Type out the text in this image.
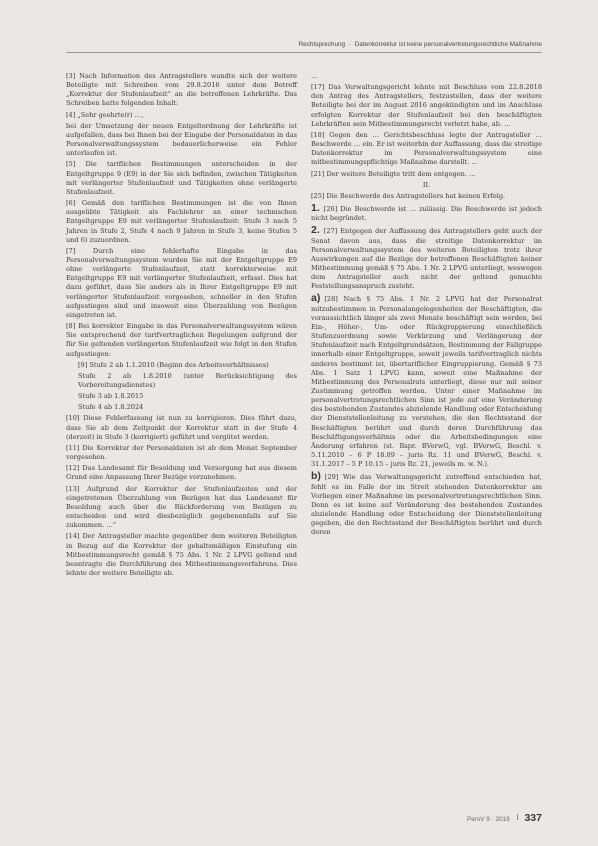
Rechtsprechung · Datenkorrektur ist keine personalvertretungsrechtliche Maßnahme

[3] Nach Information des Antragstellers wandte sich der weitere Beteiligte mit Schreiben vom 29.8.2016 unter dem Betreff „Korrektur der Stufenlaufzeit“ an die betroffenen Lehrkräfte. Das Schreiben hatte folgenden Inhalt:

[4] „Sehr geehrte(r) …,

bei der Umsetzung der neuen Entgeltordnung der Lehrkräfte ist aufgefallen, dass bei Ihnen bei der Eingabe der Personaldaten in das Personalverwaltungssystem bedauerlicherweise ein Fehler unterlaufen ist.

[5] Die tariflichen Bestimmungen unterscheiden in der Entgeltgruppe 9 (E9) in der Sie sich befinden, zwischen Tätigkeiten mit verlängerter Stufenlaufzeit und Tätigkeiten ohne verlängerte Stufenlaufzeit.

[6] Gemäß den tariflichen Bestimmungen ist die von Ihnen ausgeübte Tätigkeit als Fachlehrer an einer technischen Entgeltgruppe E9 mit verlängerter Stufenlaufzeit: Stufe 3 nach 5 Jahren in Stufe 2, Stufe 4 nach 9 Jahren in Stufe 3, keine Stufen 5 und 6) zuzuordnen.

[7] Durch eine fehlerhafte Eingabe in das Personalverwaltungssystem wurden Sie mit der Entgeltgruppe E9 ohne verlängerte Stufenlaufzeit, statt korrekterweise mit Entgeltgruppe E9 mit verlängerter Stufenlaufzeit, erfasst. Dies hat dazu geführt, dass Sie anders als in Ihrer Entgeltgruppe E9 mit verlängerter Stufenlaufzeit vorgesehen, schneller in den Stufen aufgestiegen sind und insoweit eine Überzahlung von Bezügen eingetreten ist.

[8] Bei korrekter Eingabe in das Personalverwaltungssystem wären Sie entsprechend der tarifvertraglichen Regelungen aufgrund der für Sie geltenden verlängerten Stufenlaufzeit wie folgt in den Stufen aufgestiegen:

[9] Stufe 2 ab 1.1.2010 (Beginn des Arbeitsverhältnisses)

Stufe 2 ab 1.8.2010 (unter Berücksichtigung des Vorbereitungsdienstes)

Stufe 3 ab 1.8.2015

Stufe 4 ab 1.8.2024

[10] Diese Fehlerfassung ist nun zu korrigieren. Dies führt dazu, dass Sie ab dem Zeitpunkt der Korrektur statt in der Stufe 4 (derzeit) in Stufe 3 (korrigiert) geführt und vergütet werden.

[11] Die Korrektur der Personaldaten ist ab dem Monat September vorgesehen.

[12] Das Landesamt für Besoldung und Versorgung hat aus diesem Grund eine Anpassung Ihrer Bezüge vorzunehmen.

[13] Aufgrund der Korrektur der Stufenlaufzeiten und der eingetretenen Überzahlung von Bezügen hat das Landesamt für Besoldung auch über die Rückforderung von Bezügen zu entscheiden und wird diesbezüglich gegebenenfalls auf Sie zukommen. …“

[14] Der Antragsteller machte gegenüber dem weiteren Beteiligten in Bezug auf die Korrektur der gehaltsmäßigen Einstufung ein Mitbestimmungsrecht gemäß § 75 Abs. 1 Nr. 2 LPVG geltend und beantragte die Durchführung des Mitbestimmungsverfahrens. Dies lehnte der weitere Beteiligte ab.

…

[17] Das Verwaltungsgericht lehnte mit Beschluss vom 22.8.2018 den Antrag des Antragstellers, festzustellen, dass der weitere Beteiligte bei der im August 2016 angekündigten und im Anschluss erfolgten Korrektur der Stufenlaufzeit bei den beschäftigten Lehrkräften sein Mitbestimmungsrecht verletzt habe, ab. …

[18] Gegen den … Gerichtsbeschluss legte der Antragsteller … Beschwerde … ein. Er ist weiterhin der Auffassung, dass die streitige Datenkorrektur im Personalverwaltungssystem eine mitbestimmungspflichtige Maßnahme darstellt. …

[21] Der weitere Beteiligte tritt dem entgegen. …

II.

[25] Die Beschwerde des Antragstellers hat keinen Erfolg.

1. [26] Die Beschwerde ist … zulässig. Die Beschwerde ist jedoch nicht begründet.

2. [27] Entgegen der Auffassung des Antragstellers geht auch der Senat davon aus, dass die streitige Datenkorrektur im Personalverwaltungssystem des weiteren Beteiligten trotz ihrer Auswirkungen auf die Bezüge der betroffenen Beschäftigten keiner Mitbestimmung gemäß § 75 Abs. 1 Nr. 2 LPVG unterliegt, weswegen dem Antragsteller auch nicht der geltend gemachte Feststellungsanspruch zusteht.

a) [28] Nach § 75 Abs. 1 Nr. 2 LPVG hat der Personalrat mitzubestimmen in Personalangelegenheiten der Beschäftigten, die voraussichtlich länger als zwei Monate beschäftigt sein werden, bei Ein-, Höher-, Um- oder Rückgruppierung einschließlich Stufenzuordnung sowie Verkürzung und Verlängerung der Stufenlaufzeit nach Entgeltgrundsätzen, Bestimmung der Fallgruppe innerhalb einer Entgeltgruppe, soweit jeweils tarifvertraglich nichts anderes bestimmt ist, übertariflicher Eingruppierung. Gemäß § 73 Abs. 1 Satz 1 LPVG kann, soweit eine Maßnahme der Mitbestimmung des Personalrats unterliegt, diese nur mit seiner Zustimmung getroffen werden. Unter einer Maßnahme im personalvertretungsrechtlichen Sinn ist jede auf eine Veränderung des bestehenden Zustandes abzielende Handlung oder Entscheidung der Dienststellenleitung zu verstehen, die den Rechtsstand der Beschäftigten berührt und durch deren Durchführung das Beschäftigungsverhältnis oder die Arbeitsbedingungen eine Änderung erfahren (st. Rspr. BVerwG, vgl. BVerwG, Beschl. v. 5.11.2010 – 6 P 18.09 – juris Rz. 11 und BVerwG, Beschl. v. 31.1.2017 – 5 P 10.15 – juris Rz. 21, jeweils m. w. N.).

b) [29] Wie das Verwaltungsgericht zutreffend entschieden hat, fehlt es im Falle der im Streit stehenden Datenkorrektur am Vorliegen einer Maßnahme im personalvertretungsrechtlichen Sinn. Denn es ist keine auf Veränderung des bestehenden Zustandes abzielende Handlung oder Entscheidung der Dienststellenleitung gegeben, die den Rechtsstand der Beschäftigten berührt und durch deren

PersV 9 · 2019 337
